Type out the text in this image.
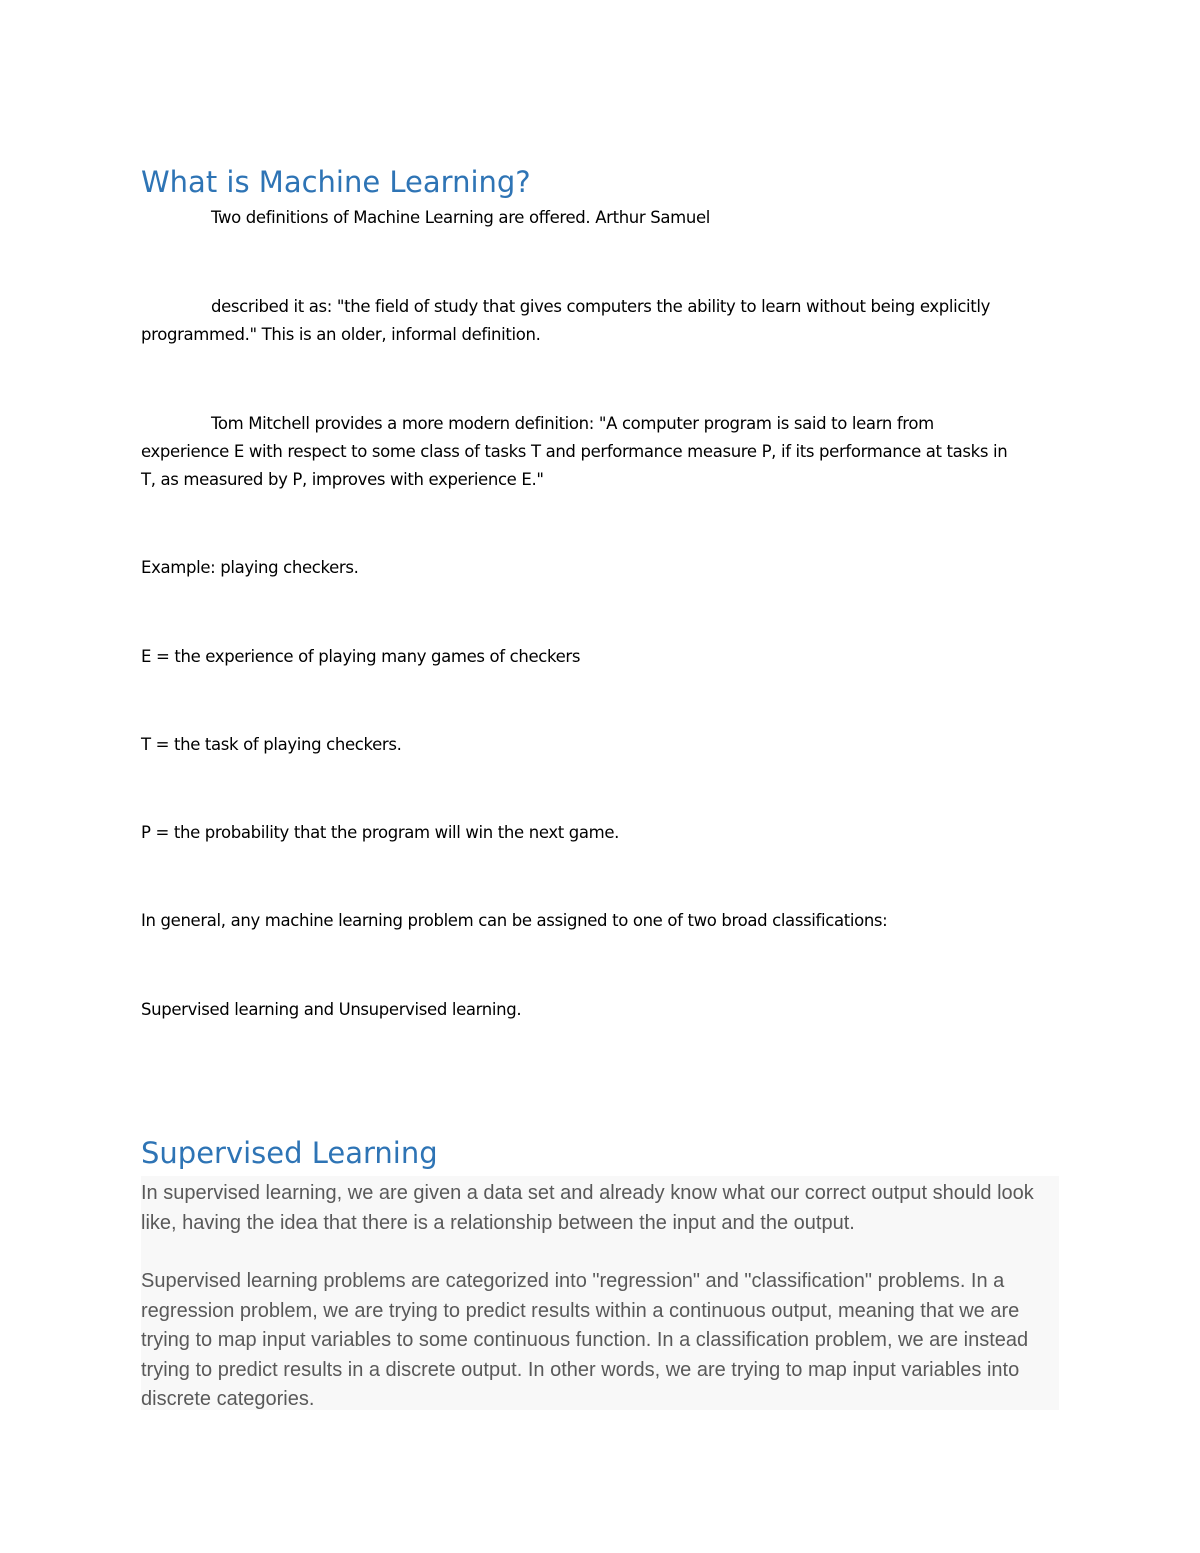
What is Machine Learning?

Two definitions of Machine Learning are offered. Arthur Samuel

described it as: "the field of study that gives computers the ability to learn without being explicitly programmed." This is an older, informal definition.

Tom Mitchell provides a more modern definition: "A computer program is said to learn from experience E with respect to some class of tasks T and performance measure P, if its performance at tasks in T, as measured by P, improves with experience E."

Example: playing checkers.

E = the experience of playing many games of checkers

T = the task of playing checkers.

P = the probability that the program will win the next game.

In general, any machine learning problem can be assigned to one of two broad classifications:

Supervised learning and Unsupervised learning.

Supervised Learning

In supervised learning, we are given a data set and already know what our correct output should look like, having the idea that there is a relationship between the input and the output.

Supervised learning problems are categorized into "regression" and "classification" problems. In a regression problem, we are trying to predict results within a continuous output, meaning that we are trying to map input variables to some continuous function. In a classification problem, we are instead trying to predict results in a discrete output. In other words, we are trying to map input variables into discrete categories.
